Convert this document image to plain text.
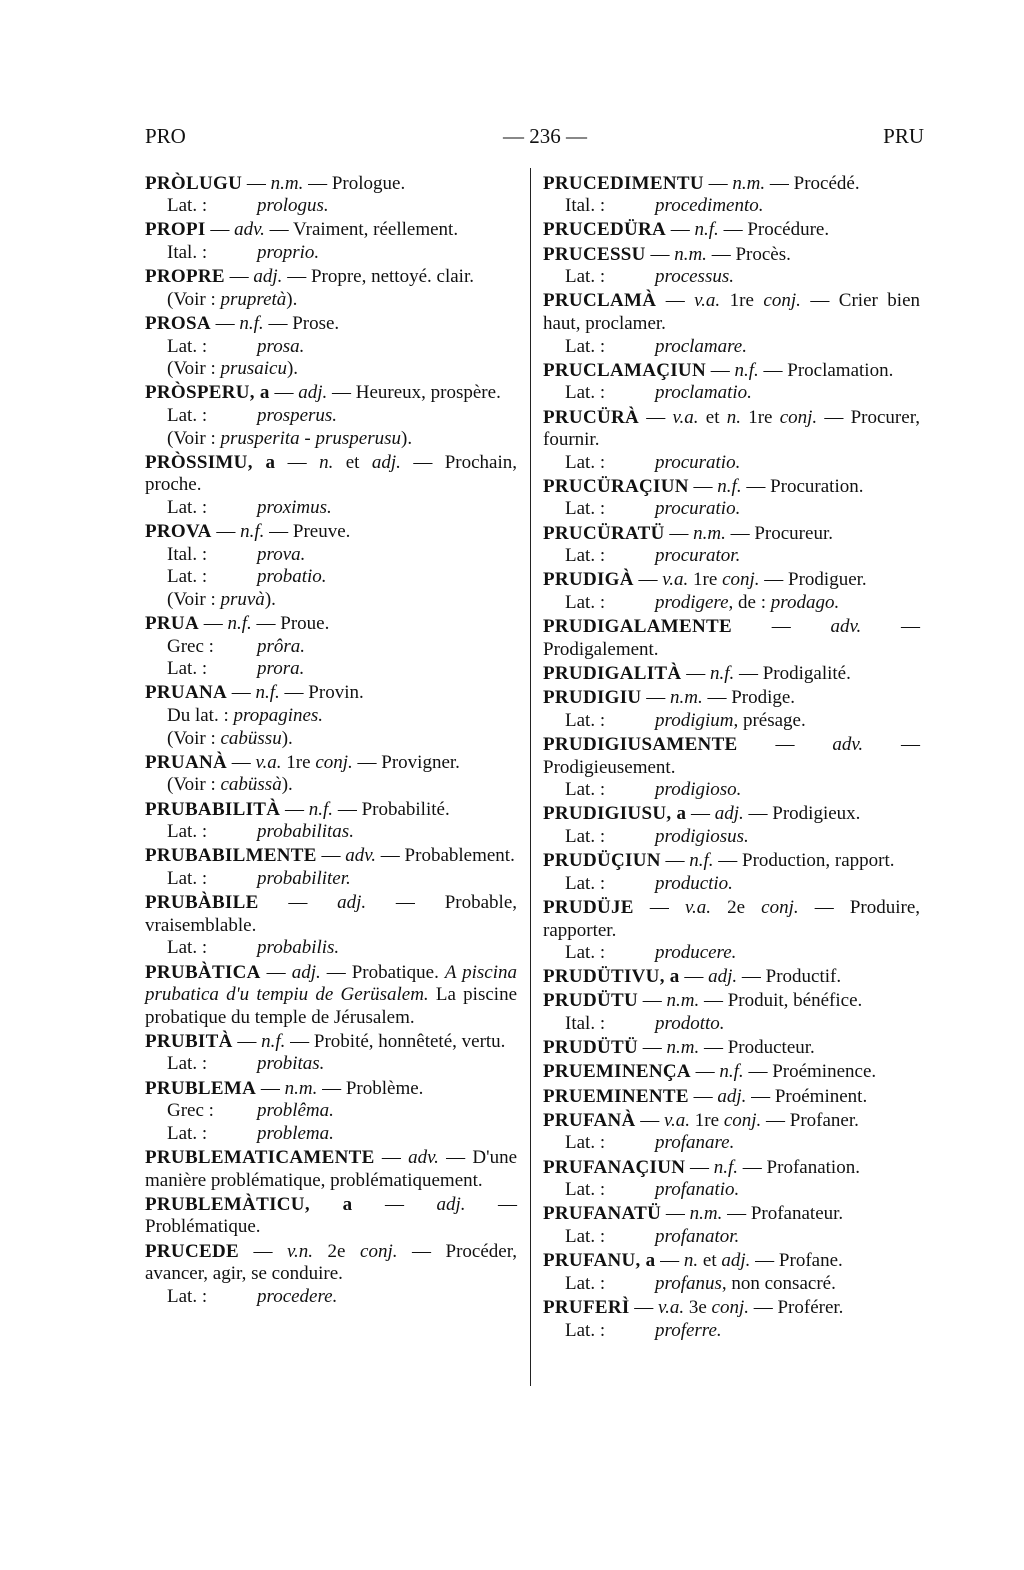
PRO	— 236 —	PRU

PRÒLUGU — n.m. — Prologue.

Lat. :	prologus.

PROPI — adv. — Vraiment, réellement.

Ital. :	proprio.

PROPRE — adj. — Propre, nettoyé. clair.

(Voir : prupretà).

PROSA — n.f. — Prose.

Lat. :	prosa.

(Voir : prusaicu).

PRÒSPERU, a — adj. — Heureux, prospère.

Lat. :	prosperus.

(Voir : prusperita - prusperusu).

PRÒSSIMU, a — n. et adj. — Prochain, proche.

Lat. :	proximus.

PROVA — n.f. — Preuve.

Ital. :	prova.

Lat. :	probatio.

(Voir : pruvà).

PRUA — n.f. — Proue.

Grec : prôra.

Lat. :	prora.

PRUANA — n.f. — Provin.

Du lat. : propagines.

(Voir : cabüssu).

PRUANÀ — v.a. 1re conj. — Provigner.

(Voir : cabüssà).

PRUBABILITÀ — n.f. — Probabilité.

Lat. :	probabilitas.

PRUBABILMENTE — adv. — Probablement.

Lat. :	probabiliter.

PRUBÀBILE — adj. — Probable, vraisemblable.

Lat. :	probabilis.

PRUBÀTICA — adj. — Probatique. A piscina prubatica d'u tempiu de Gerüsalem. La piscine probatique du temple de Jérusalem.

PRUBITÀ — n.f. — Probité, honnêteté, vertu.

Lat. :	probitas.

PRUBLEMA — n.m. — Problème.

Grec : problêma.

Lat. :	problema.

PRUBLEMATICAMENTE — adv. — D'une manière problématique, problématiquement.

PRUBLEMÀTICU, a — adj. — Problématique.

PRUCEDE — v.n. 2e conj. — Procéder, avancer, agir, se conduire.

Lat. :	procedere.

PRUCEDIMENTU — n.m. — Procédé.

Ital. :	procedimento.

PRUCEDÜRA — n.f. — Procédure.

PRUCESSU — n.m. — Procès.

Lat. :	processus.

PRUCLAMÀ — v.a. 1re conj. — Crier bien haut, proclamer.

Lat. :	proclamare.

PRUCLAMAÇIUN — n.f. — Proclamation.

Lat. :	proclamatio.

PRUCÜRÀ — v.a. et n. 1re conj. — Procurer, fournir.

Lat. :	procuratio.

PRUCÜRAÇIUN — n.f. — Procuration.

Lat. :	procuratio.

PRUCÜRATÜ — n.m. — Procureur.

Lat. :	procurator.

PRUDIGÀ — v.a. 1re conj. — Prodiguer.

Lat. :	prodigere, de : prodago.

PRUDIGALAMENTE — adv. — Prodigalement.

PRUDIGALITÀ — n.f. — Prodigalité.

PRUDIGIU — n.m. — Prodige.

Lat. :	prodigium, présage.

PRUDIGIUSAMENTE — adv. — Prodigieusement.

Lat. :	prodigioso.

PRUDIGIUSU, a — adj. — Prodigieux.

Lat. :	prodigiosus.

PRUDÜÇIUN — n.f. — Production, rapport.

Lat. :	productio.

PRUDÜJE — v.a. 2e conj. — Produire, rapporter.

Lat. :	producere.

PRUDÜTIVU, a — adj. — Productif.

PRUDÜTU — n.m. — Produit, bénéfice.

Ital. :	prodotto.

PRUDÜTÜ — n.m. — Producteur.

PRUEMINENÇA — n.f. — Proéminence.

PRUEMINENTE — adj. — Proéminent.

PRUFANÀ — v.a. 1re conj. — Profaner.

Lat. :	profanare.

PRUFANAÇIUN — n.f. — Profanation.

Lat. :	profanatio.

PRUFANATÜ — n.m. — Profanateur.

Lat. :	profanator.

PRUFANU, a — n. et adj. — Profane.

Lat. :	profanus, non consacré.

PRUFERÌ — v.a. 3e conj. — Proférer.

Lat. :	proferre.
